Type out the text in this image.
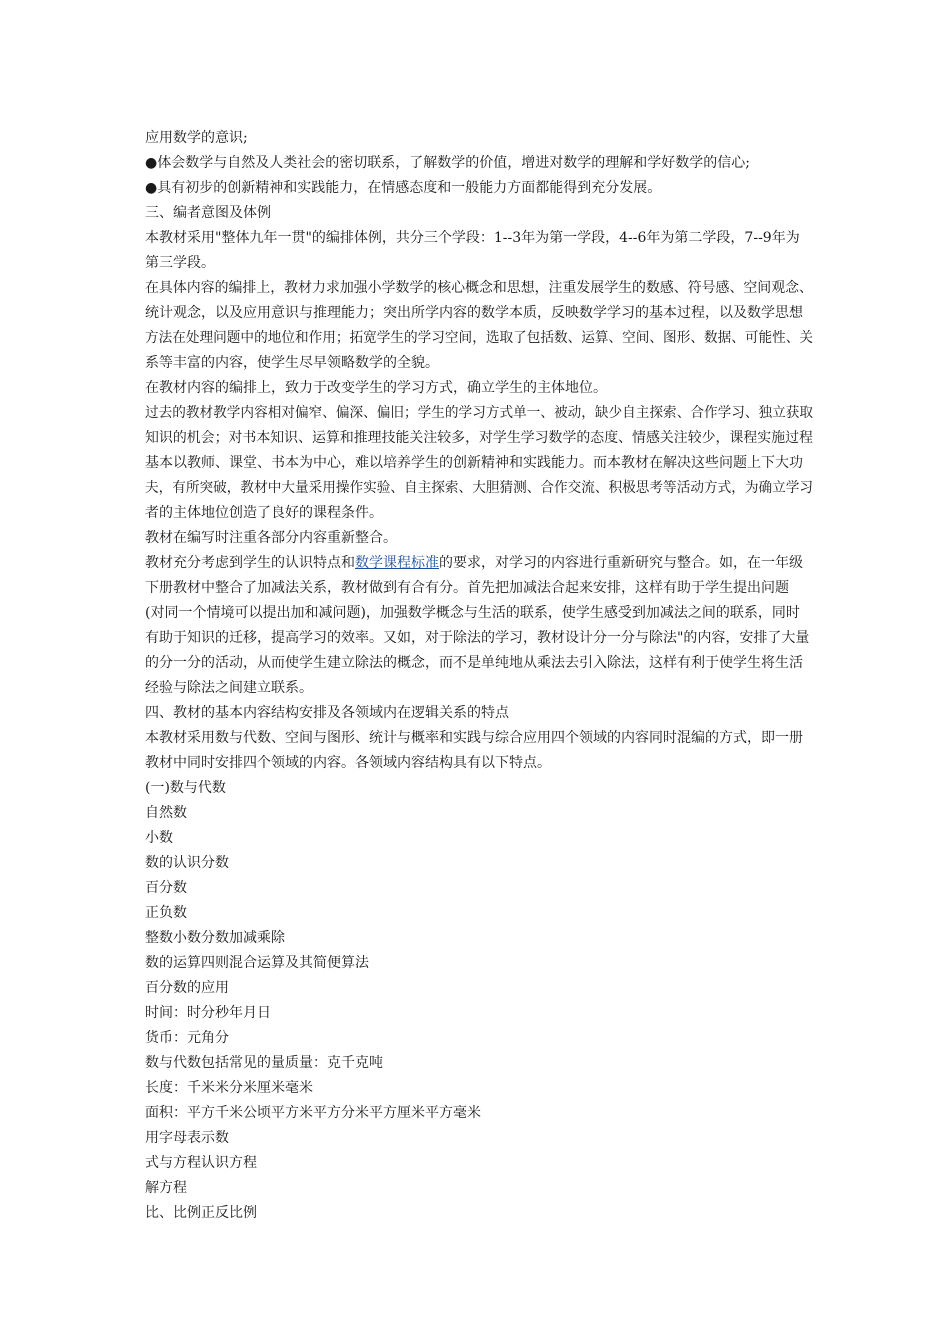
应用数学的意识;
●体会数学与自然及人类社会的密切联系，了解数学的价值，增进对数学的理解和学好数学的信心;
●具有初步的创新精神和实践能力，在情感态度和一般能力方面都能得到充分发展。
三、编者意图及体例
本教材采用"整体九年一贯"的编排体例，共分三个学段：1--3年为第一学段，4--6年为第二学段，7--9年为
第三学段。
在具体内容的编排上，教材力求加强小学数学的核心概念和思想，注重发展学生的数感、符号感、空间观念、
统计观念，以及应用意识与推理能力；突出所学内容的数学本质，反映数学学习的基本过程，以及数学思想
方法在处理问题中的地位和作用；拓宽学生的学习空间，选取了包括数、运算、空间、图形、数据、可能性、关
系等丰富的内容，使学生尽早领略数学的全貌。
在教材内容的编排上，致力于改变学生的学习方式，确立学生的主体地位。
过去的教材教学内容相对偏窄、偏深、偏旧；学生的学习方式单一、被动，缺少自主探索、合作学习、独立获取
知识的机会；对书本知识、运算和推理技能关注较多，对学生学习数学的态度、情感关注较少，课程实施过程
基本以教师、课堂、书本为中心，难以培养学生的创新精神和实践能力。而本教材在解决这些问题上下大功
夫，有所突破，教材中大量采用操作实验、自主探索、大胆猜测、合作交流、积极思考等活动方式，为确立学习
者的主体地位创造了良好的课程条件。
教材在编写时注重各部分内容重新整合。
教材充分考虑到学生的认识特点和数学课程标准的要求，对学习的内容进行重新研究与整合。如，在一年级
下册教材中整合了加减法关系，教材做到有合有分。首先把加减法合起来安排，这样有助于学生提出问题
(对同一个情境可以提出加和减问题)，加强数学概念与生活的联系，使学生感受到加减法之间的联系，同时
有助于知识的迁移，提高学习的效率。又如，对于除法的学习，教材设计分一分与除法"的内容，安排了大量
的分一分的活动，从而使学生建立除法的概念，而不是单纯地从乘法去引入除法，这样有利于使学生将生活
经验与除法之间建立联系。
四、教材的基本内容结构安排及各领域内在逻辑关系的特点
本教材采用数与代数、空间与图形、统计与概率和实践与综合应用四个领域的内容同时混编的方式，即一册
教材中同时安排四个领域的内容。各领域内容结构具有以下特点。
(一)数与代数
自然数
小数
数的认识分数
百分数
正负数
整数小数分数加减乘除
数的运算四则混合运算及其简便算法
百分数的应用
时间：时分秒年月日
货币：元角分
数与代数包括常见的量质量：克千克吨
长度：千米米分米厘米毫米
面积：平方千米公顷平方米平方分米平方厘米平方毫米
用字母表示数
式与方程认识方程
解方程
比、比例正反比例
